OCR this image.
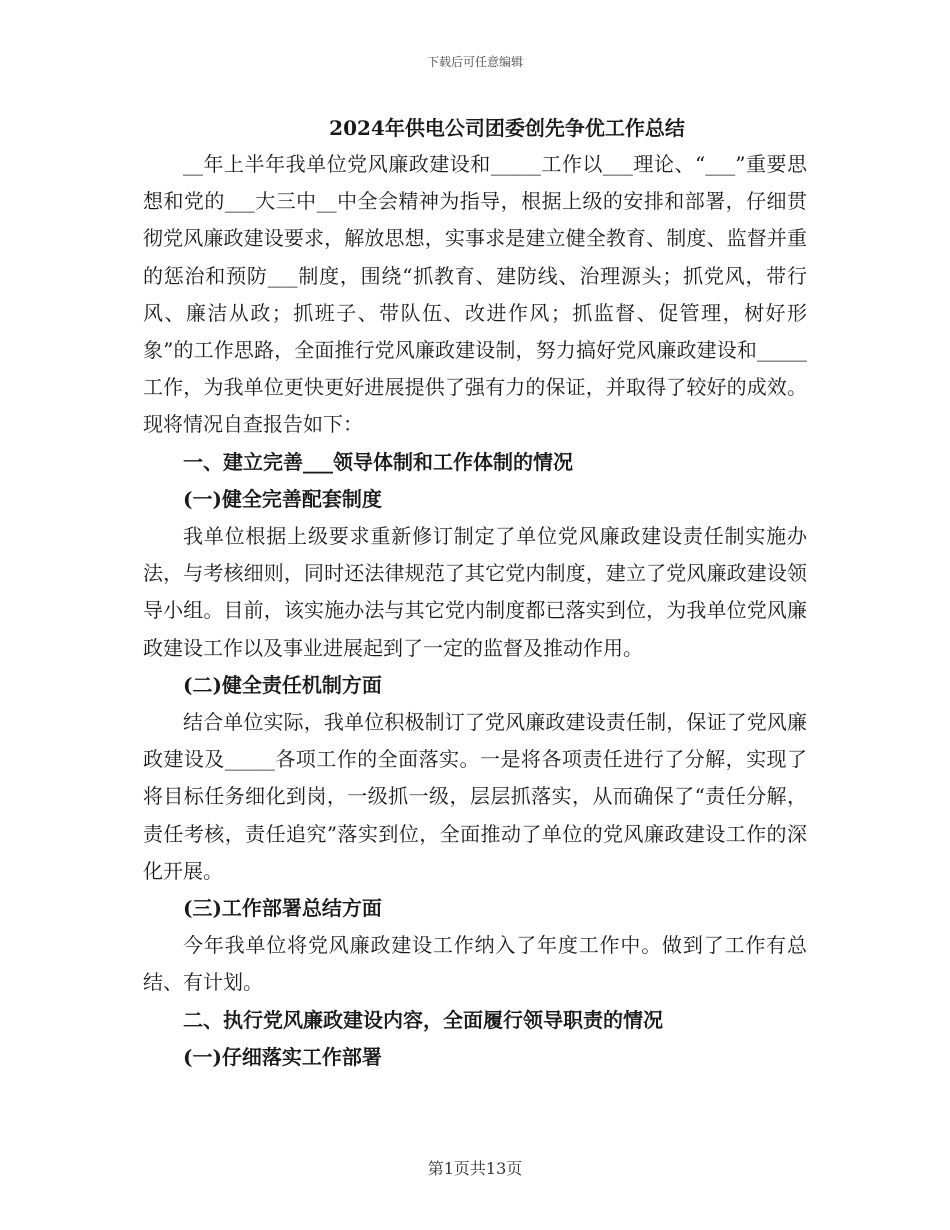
下载后可任意编辑
2024年供电公司团委创先争优工作总结

__年上半年我单位党风廉政建设和_____工作以___理论、“___”重要思想和党的___大三中__中全会精神为指导，根据上级的安排和部署，仔细贯彻党风廉政建设要求，解放思想，实事求是建立健全教育、制度、监督并重的惩治和预防___制度，围绕“抓教育、建防线、治理源头；抓党风，带行风、廉洁从政；抓班子、带队伍、改进作风；抓监督、促管理，树好形象”的工作思路，全面推行党风廉政建设制，努力搞好党风廉政建设和_____工作，为我单位更快更好进展提供了强有力的保证，并取得了较好的成效。现将情况自查报告如下：

一、建立完善___领导体制和工作体制的情况
(一)健全完善配套制度

我单位根据上级要求重新修订制定了单位党风廉政建设责任制实施办法，与考核细则，同时还法律规范了其它党内制度，建立了党风廉政建设领导小组。目前，该实施办法与其它党内制度都已落实到位，为我单位党风廉政建设工作以及事业进展起到了一定的监督及推动作用。

(二)健全责任机制方面

结合单位实际，我单位积极制订了党风廉政建设责任制，保证了党风廉政建设及_____各项工作的全面落实。一是将各项责任进行了分解，实现了将目标任务细化到岗，一级抓一级，层层抓落实，从而确保了“责任分解，责任考核，责任追究”落实到位，全面推动了单位的党风廉政建设工作的深化开展。

(三)工作部署总结方面

今年我单位将党风廉政建设工作纳入了年度工作中。做到了工作有总结、有计划。

二、执行党风廉政建设内容，全面履行领导职责的情况
(一)仔细落实工作部署
第1页共13页
